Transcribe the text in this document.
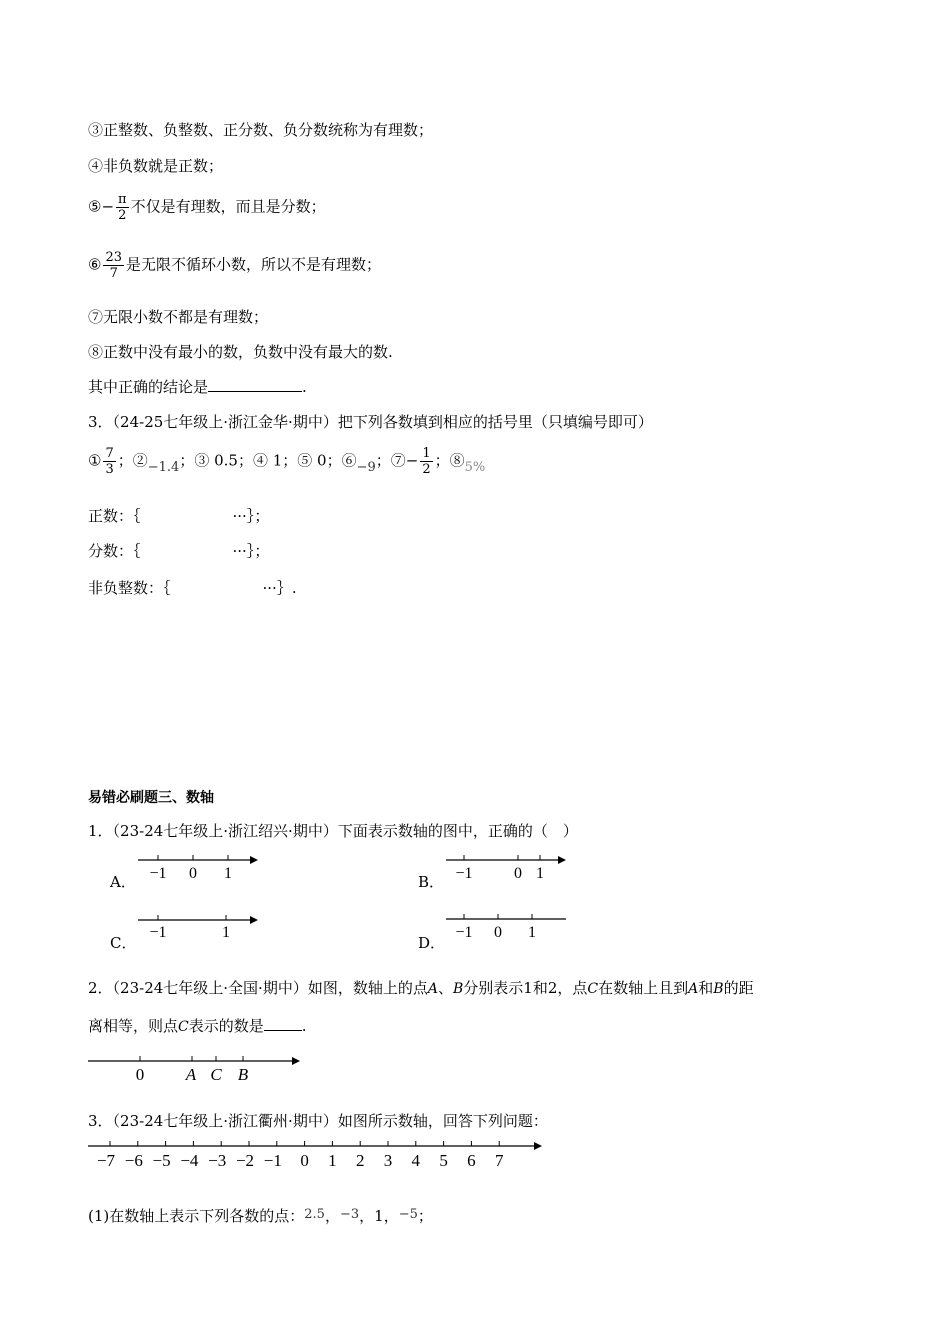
③正整数、负整数、正分数、负分数统称为有理数；
④非负数就是正数；
⑤− $\frac{\pi}{2}$ 不仅是有理数，而且是分数；
⑥ $\frac{23}{7}$ 是无限不循环小数，所以不是有理数；
⑦无限小数不都是有理数；
⑧正数中没有最小的数，负数中没有最大的数.
其中正确的结论是	.
3．（24-25七年级上·浙江金华·期中）把下列各数填到相应的括号里（只填编号即可）
① $\frac{7}{3}$ ；②−1.4；③ 0.5；④ 1；⑤ 0；⑥−9；⑦− $\frac{1}{2}$ ；⑧5%
正数：｛	···｝；
分数：｛	···｝；
非负整数：｛	···｝.
易错必刷题三、数轴
1．（23-24七年级上·浙江绍兴·期中）下面表示数轴的图中，正确的（　）
A． −1 0 1	B． −1	0 1
C．
−1	1
D．
−1 0 1
2．（23-24七年级上·全国·期中）如图，数轴上的点A、B分别表示1和2，点C在数轴上且到A和B的距
离相等，则点C表示的数是	.
0 A C B
3．（23-24七年级上·浙江衢州·期中）如图所示数轴，回答下列问题：
−7 −6 −5 −4 −3 −2 −1 0 1 2 3 4 5 6 7
(1)在数轴上表示下列各数的点：2.5，−3，1，−5；
